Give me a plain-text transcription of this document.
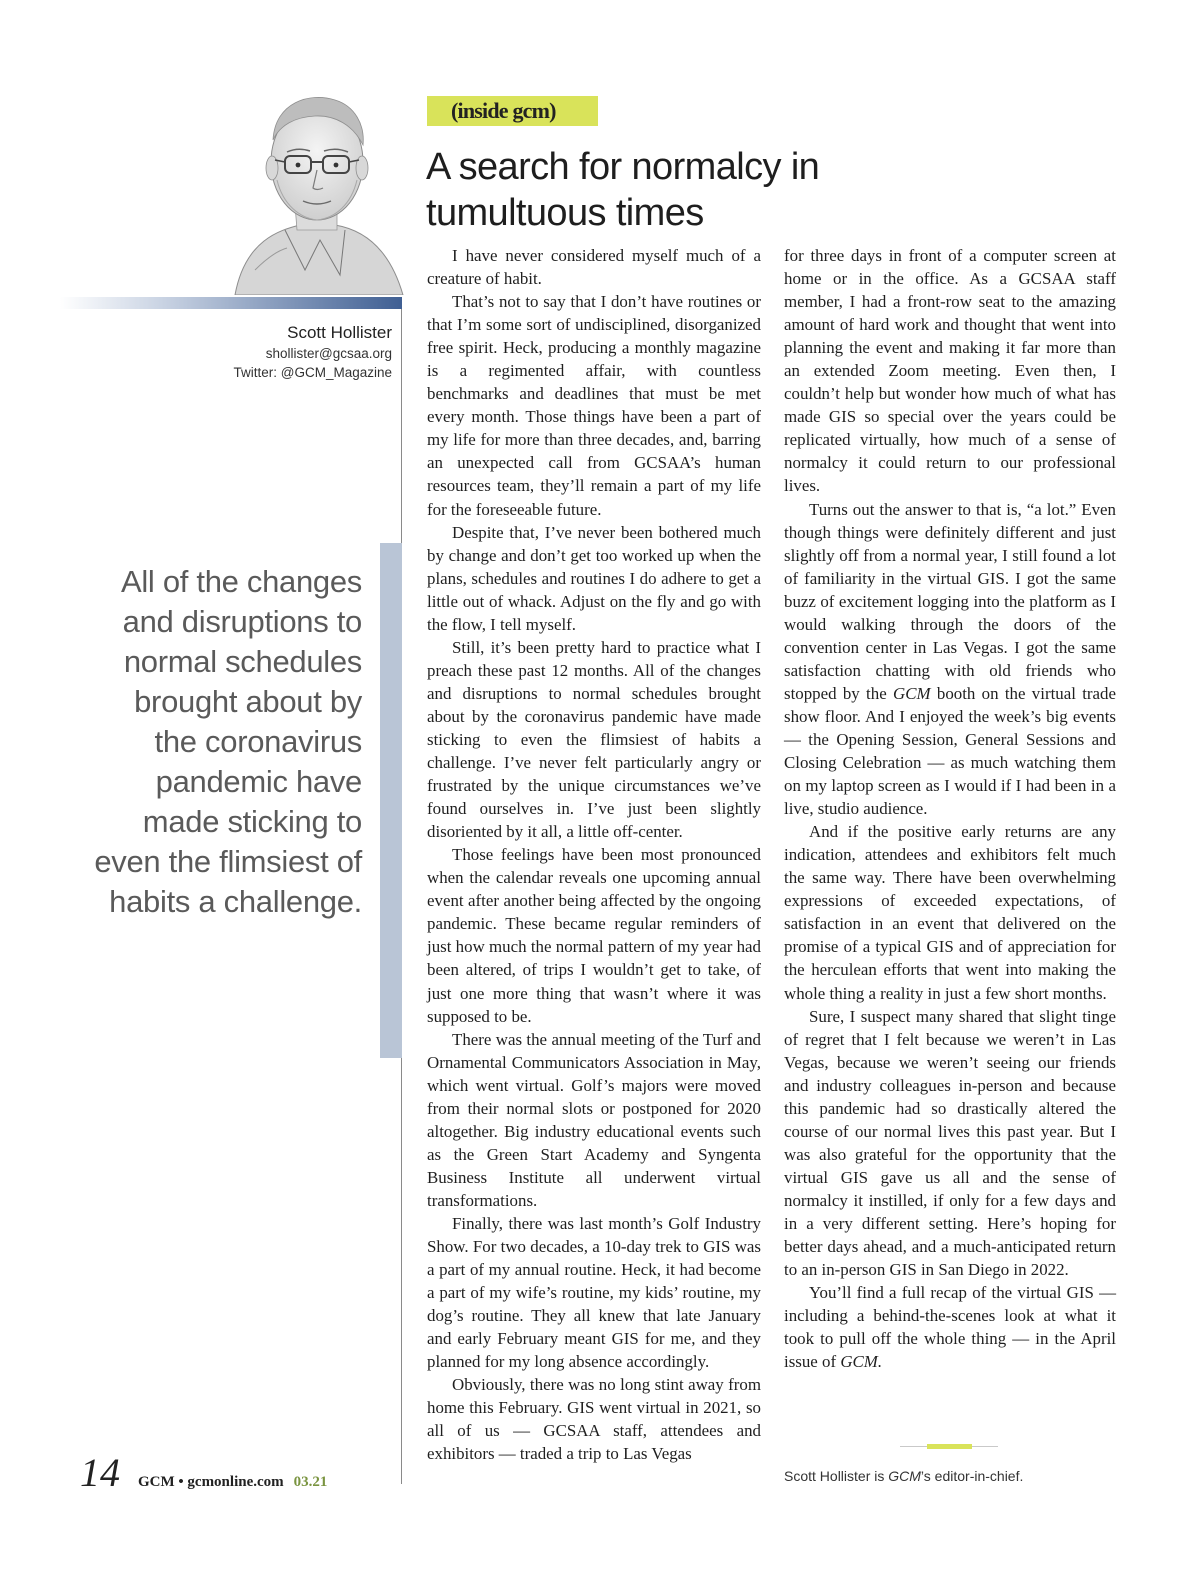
Scott Hollister
shollister@gcsaa.org
Twitter: @GCM_Magazine
All of the changes and disruptions to normal schedules brought about by the coronavirus pandemic have made sticking to even the flimsiest of habits a challenge.
(inside gcm)
A search for normalcy in tumultuous times

I have never considered myself much of a creature of habit.

That’s not to say that I don’t have routines or that I’m some sort of undisciplined, disorganized free spirit. Heck, producing a monthly magazine is a regimented affair, with countless benchmarks and deadlines that must be met every month. Those things have been a part of my life for more than three decades, and, barring an unexpected call from GCSAA’s human resources team, they’ll remain a part of my life for the foreseeable future.

Despite that, I’ve never been bothered much by change and don’t get too worked up when the plans, schedules and routines I do adhere to get a little out of whack. Adjust on the fly and go with the flow, I tell myself.

Still, it’s been pretty hard to practice what I preach these past 12 months. All of the changes and disruptions to normal schedules brought about by the coronavirus pandemic have made sticking to even the flimsiest of habits a challenge. I’ve never felt particularly angry or frustrated by the unique circumstances we’ve found ourselves in. I’ve just been slightly disoriented by it all, a little off-center.

Those feelings have been most pronounced when the calendar reveals one upcoming annual event after another being affected by the ongoing pandemic. These became regular reminders of just how much the normal pattern of my year had been altered, of trips I wouldn’t get to take, of just one more thing that wasn’t where it was supposed to be.

There was the annual meeting of the Turf and Ornamental Communicators Association in May, which went virtual. Golf’s majors were moved from their normal slots or postponed for 2020 altogether. Big industry educational events such as the Green Start Academy and Syngenta Business Institute all underwent virtual transformations.

Finally, there was last month’s Golf Industry Show. For two decades, a 10-day trek to GIS was a part of my annual routine. Heck, it had become a part of my wife’s routine, my kids’ routine, my dog’s routine. They all knew that late January and early February meant GIS for me, and they planned for my long absence accordingly.

Obviously, there was no long stint away from home this February. GIS went virtual in 2021, so all of us — GCSAA staff, attendees and exhibitors — traded a trip to Las Vegas

for three days in front of a computer screen at home or in the office. As a GCSAA staff member, I had a front-row seat to the amazing amount of hard work and thought that went into planning the event and making it far more than an extended Zoom meeting. Even then, I couldn’t help but wonder how much of what has made GIS so special over the years could be replicated virtually, how much of a sense of normalcy it could return to our professional lives.

Turns out the answer to that is, “a lot.” Even though things were definitely different and just slightly off from a normal year, I still found a lot of familiarity in the virtual GIS. I got the same buzz of excitement logging into the platform as I would walking through the doors of the convention center in Las Vegas. I got the same satisfaction chatting with old friends who stopped by the GCM booth on the virtual trade show floor. And I enjoyed the week’s big events — the Opening Session, General Sessions and Closing Celebration — as much watching them on my laptop screen as I would if I had been in a live, studio audience.

And if the positive early returns are any indication, attendees and exhibitors felt much the same way. There have been overwhelming expressions of exceeded expectations, of satisfaction in an event that delivered on the promise of a typical GIS and of appreciation for the herculean efforts that went into making the whole thing a reality in just a few short months.

Sure, I suspect many shared that slight tinge of regret that I felt because we weren’t in Las Vegas, because we weren’t seeing our friends and industry colleagues in-person and because this pandemic had so drastically altered the course of our normal lives this past year. But I was also grateful for the opportunity that the virtual GIS gave us all and the sense of normalcy it instilled, if only for a few days and in a very different setting. Here’s hoping for better days ahead, and a much-anticipated return to an in-person GIS in San Diego in 2022.

You’ll find a full recap of the virtual GIS — including a behind-the-scenes look at what it took to pull off the whole thing — in the April issue of GCM.

Scott Hollister is GCM’s editor-in-chief.
14 GCM • gcmonline.com 03.21
